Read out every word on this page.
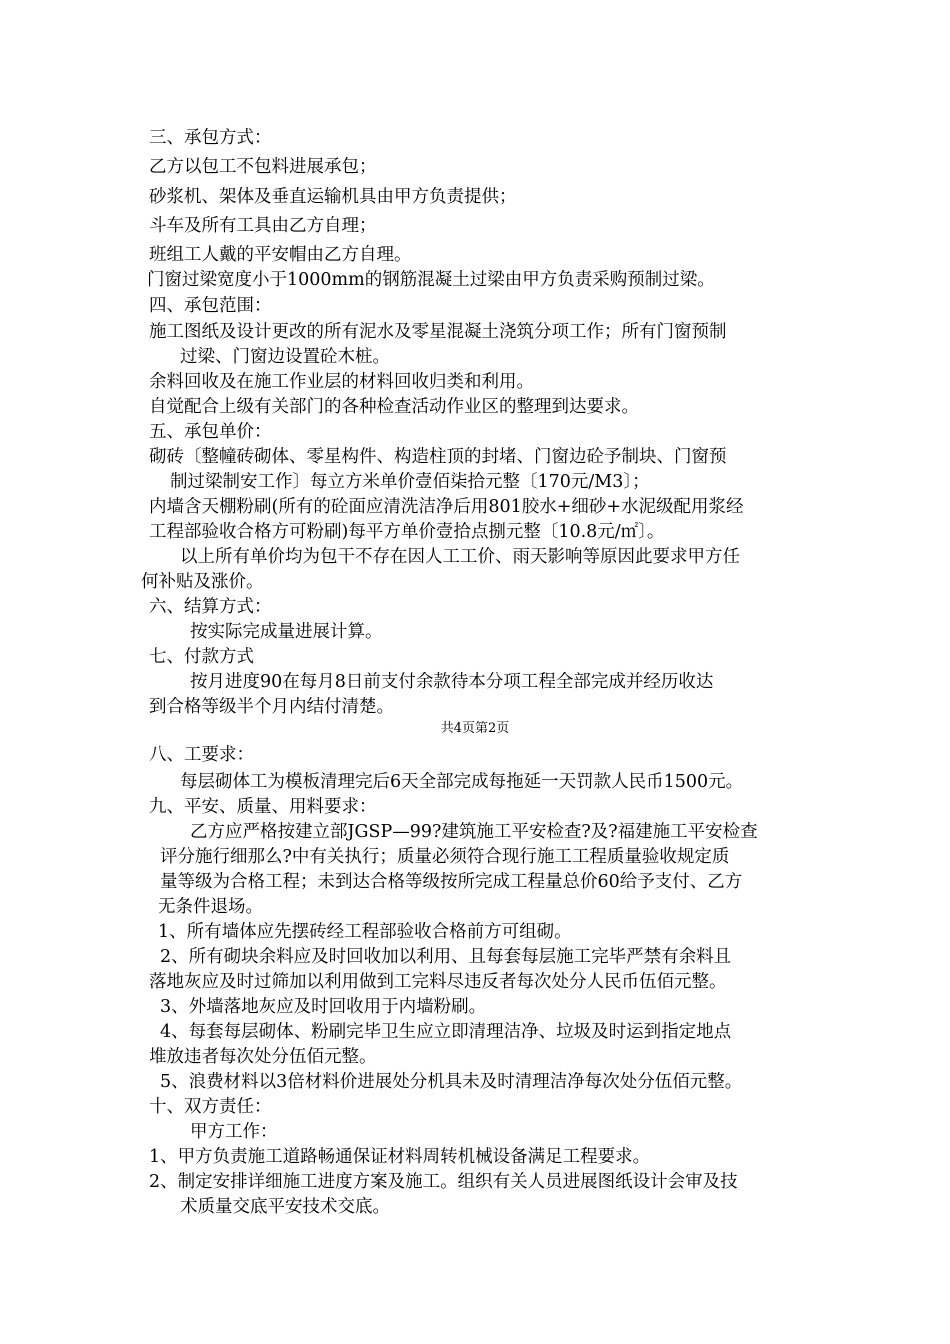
三、承包方式：
乙方以包工不包料进展承包；
砂浆机、架体及垂直运输机具由甲方负责提供；
斗车及所有工具由乙方自理；
班组工人戴的平安帽由乙方自理。
门窗过梁宽度小于1000mm的钢筋混凝土过梁由甲方负责采购预制过梁。
四、承包范围：
施工图纸及设计更改的所有泥水及零星混凝土浇筑分项工作；所有门窗预制
过梁、门窗边设置砼木桩。
余料回收及在施工作业层的材料回收归类和利用。
自觉配合上级有关部门的各种检查活动作业区的整理到达要求。
五、承包单价：
砌砖〔整幢砖砌体、零星构件、构造柱顶的封堵、门窗边砼予制块、门窗预
制过梁制安工作〕每立方米单价壹佰柒拾元整〔170元/M3〕；
内墙含天棚粉刷(所有的砼面应清洗洁净后用801胶水+细砂+水泥级配用浆经
工程部验收合格方可粉刷)每平方单价壹拾点捌元整〔10.8元/㎡〕。
以上所有单价均为包干不存在因人工工价、雨天影响等原因此要求甲方任
何补贴及涨价。
六、结算方式：
按实际完成量进展计算。
七、付款方式
按月进度90在每月8日前支付余款待本分项工程全部完成并经历收达
到合格等级半个月内结付清楚。
共4页第2页
八、工要求：
每层砌体工为模板清理完后6天全部完成每拖延一天罚款人民币1500元。
九、平安、质量、用料要求：
乙方应严格按建立部JGSP—99?建筑施工平安检查?及?福建施工平安检查
评分施行细那么?中有关执行；质量必须符合现行施工工程质量验收规定质
量等级为合格工程；未到达合格等级按所完成工程量总价60给予支付、乙方
无条件退场。
1、所有墙体应先摆砖经工程部验收合格前方可组砌。
2、所有砌块余料应及时回收加以利用、且每套每层施工完毕严禁有余料且
落地灰应及时过筛加以利用做到工完料尽违反者每次处分人民币伍佰元整。
3、外墙落地灰应及时回收用于内墙粉刷。
4、每套每层砌体、粉刷完毕卫生应立即清理洁净、垃圾及时运到指定地点
堆放违者每次处分伍佰元整。
5、浪费材料以3倍材料价进展处分机具未及时清理洁净每次处分伍佰元整。
十、双方责任：
甲方工作：
1、甲方负责施工道路畅通保证材料周转机械设备满足工程要求。
2、制定安排详细施工进度方案及施工。组织有关人员进展图纸设计会审及技
术质量交底平安技术交底。
